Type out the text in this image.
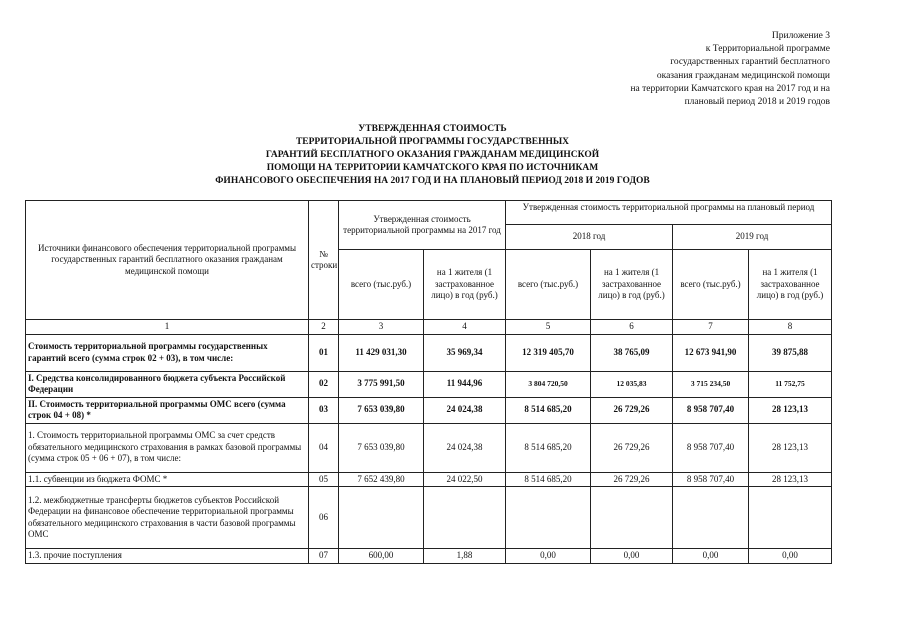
Приложение 3
к Территориальной программе
государственных гарантий бесплатного
оказания гражданам медицинской помощи
на территории Камчатского края на 2017 год и на
плановый период 2018 и 2019 годов
УТВЕРЖДЕННАЯ СТОИМОСТЬ
ТЕРРИТОРИАЛЬНОЙ ПРОГРАММЫ ГОСУДАРСТВЕННЫХ
ГАРАНТИЙ БЕСПЛАТНОГО ОКАЗАНИЯ ГРАЖДАНАМ МЕДИЦИНСКОЙ
ПОМОЩИ НА ТЕРРИТОРИИ КАМЧАТСКОГО КРАЯ ПО ИСТОЧНИКАМ
ФИНАНСОВОГО ОБЕСПЕЧЕНИЯ НА 2017 ГОД И НА ПЛАНОВЫЙ ПЕРИОД 2018 И 2019 ГОДОВ
Источники финансового обеспечения территориальной программы государственных гарантий бесплатного оказания гражданам медицинской помощи	№ строки	Утвержденная стоимость территориальной программы на 2017 год		Утвержденная стоимость территориальной программы на плановый период			
				2018 год		2019 год	
		всего (тыс.руб.)	на 1 жителя (1 застрахованное лицо) в год (руб.)	всего (тыс.руб.)	на 1 жителя (1 застрахованное лицо) в год (руб.)	всего (тыс.руб.)	на 1 жителя (1 застрахованное лицо) в год (руб.)
1	2	3	4	5	6	7	8
Стоимость территориальной программы государственных гарантий всего (сумма строк 02 + 03), в том числе:	01	11 429 031,30	35 969,34	12 319 405,70	38 765,09	12 673 941,90	39 875,88
I. Средства консолидированного бюджета субъекта Российской Федерации	02	3 775 991,50	11 944,96	3 804 720,50	12 035,83	3 715 234,50	11 752,75
II. Стоимость территориальной программы ОМС всего (сумма строк 04 + 08) *	03	7 653 039,80	24 024,38	8 514 685,20	26 729,26	8 958 707,40	28 123,13
1. Стоимость территориальной программы ОМС за счет средств обязательного медицинского страхования в рамках базовой программы (сумма строк 05 + 06 + 07), в том числе:	04	7 653 039,80	24 024,38	8 514 685,20	26 729,26	8 958 707,40	28 123,13
1.1. субвенции из бюджета ФОМС *	05	7 652 439,80	24 022,50	8 514 685,20	26 729,26	8 958 707,40	28 123,13
1.2. межбюджетные трансферты бюджетов субъектов Российской Федерации на финансовое обеспечение территориальной программы обязательного медицинского страхования в части базовой программы ОМС	06						
1.3. прочие поступления	07	600,00	1,88	0,00	0,00	0,00	0,00
